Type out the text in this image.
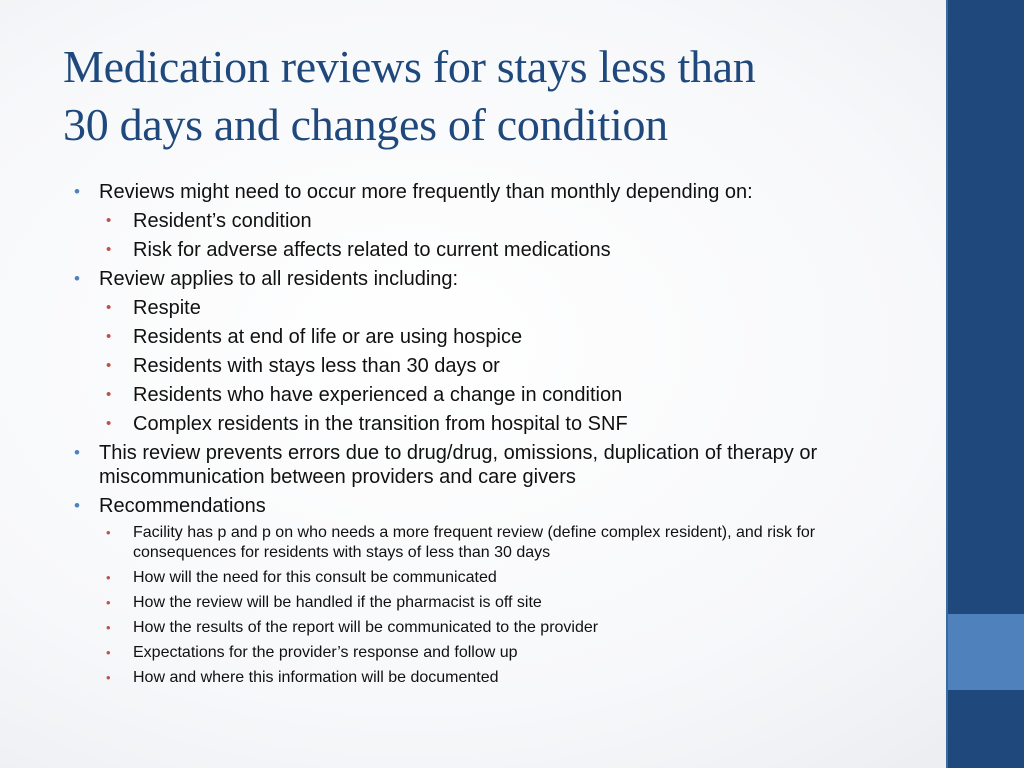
Medication reviews for stays less than
30 days and changes of condition
• Reviews might need to occur more frequently than monthly depending on:
• Resident’s condition
• Risk for adverse affects related to current medications
• Review applies to all residents including:
• Respite
• Residents at end of life or are using hospice
• Residents with stays less than 30 days or
• Residents who have experienced a change in condition
• Complex residents in the transition from hospital to SNF
• This review prevents errors due to drug/drug, omissions, duplication of therapy or miscommunication between providers and care givers
• Recommendations
• Facility has p and p on who needs a more frequent review (define complex resident), and risk for consequences for residents with stays of less than 30 days
• How will the need for this consult be communicated
• How the review will be handled if the pharmacist is off site
• How the results of the report will be communicated to the provider
• Expectations for the provider’s response and follow up
• How and where this information will be documented
